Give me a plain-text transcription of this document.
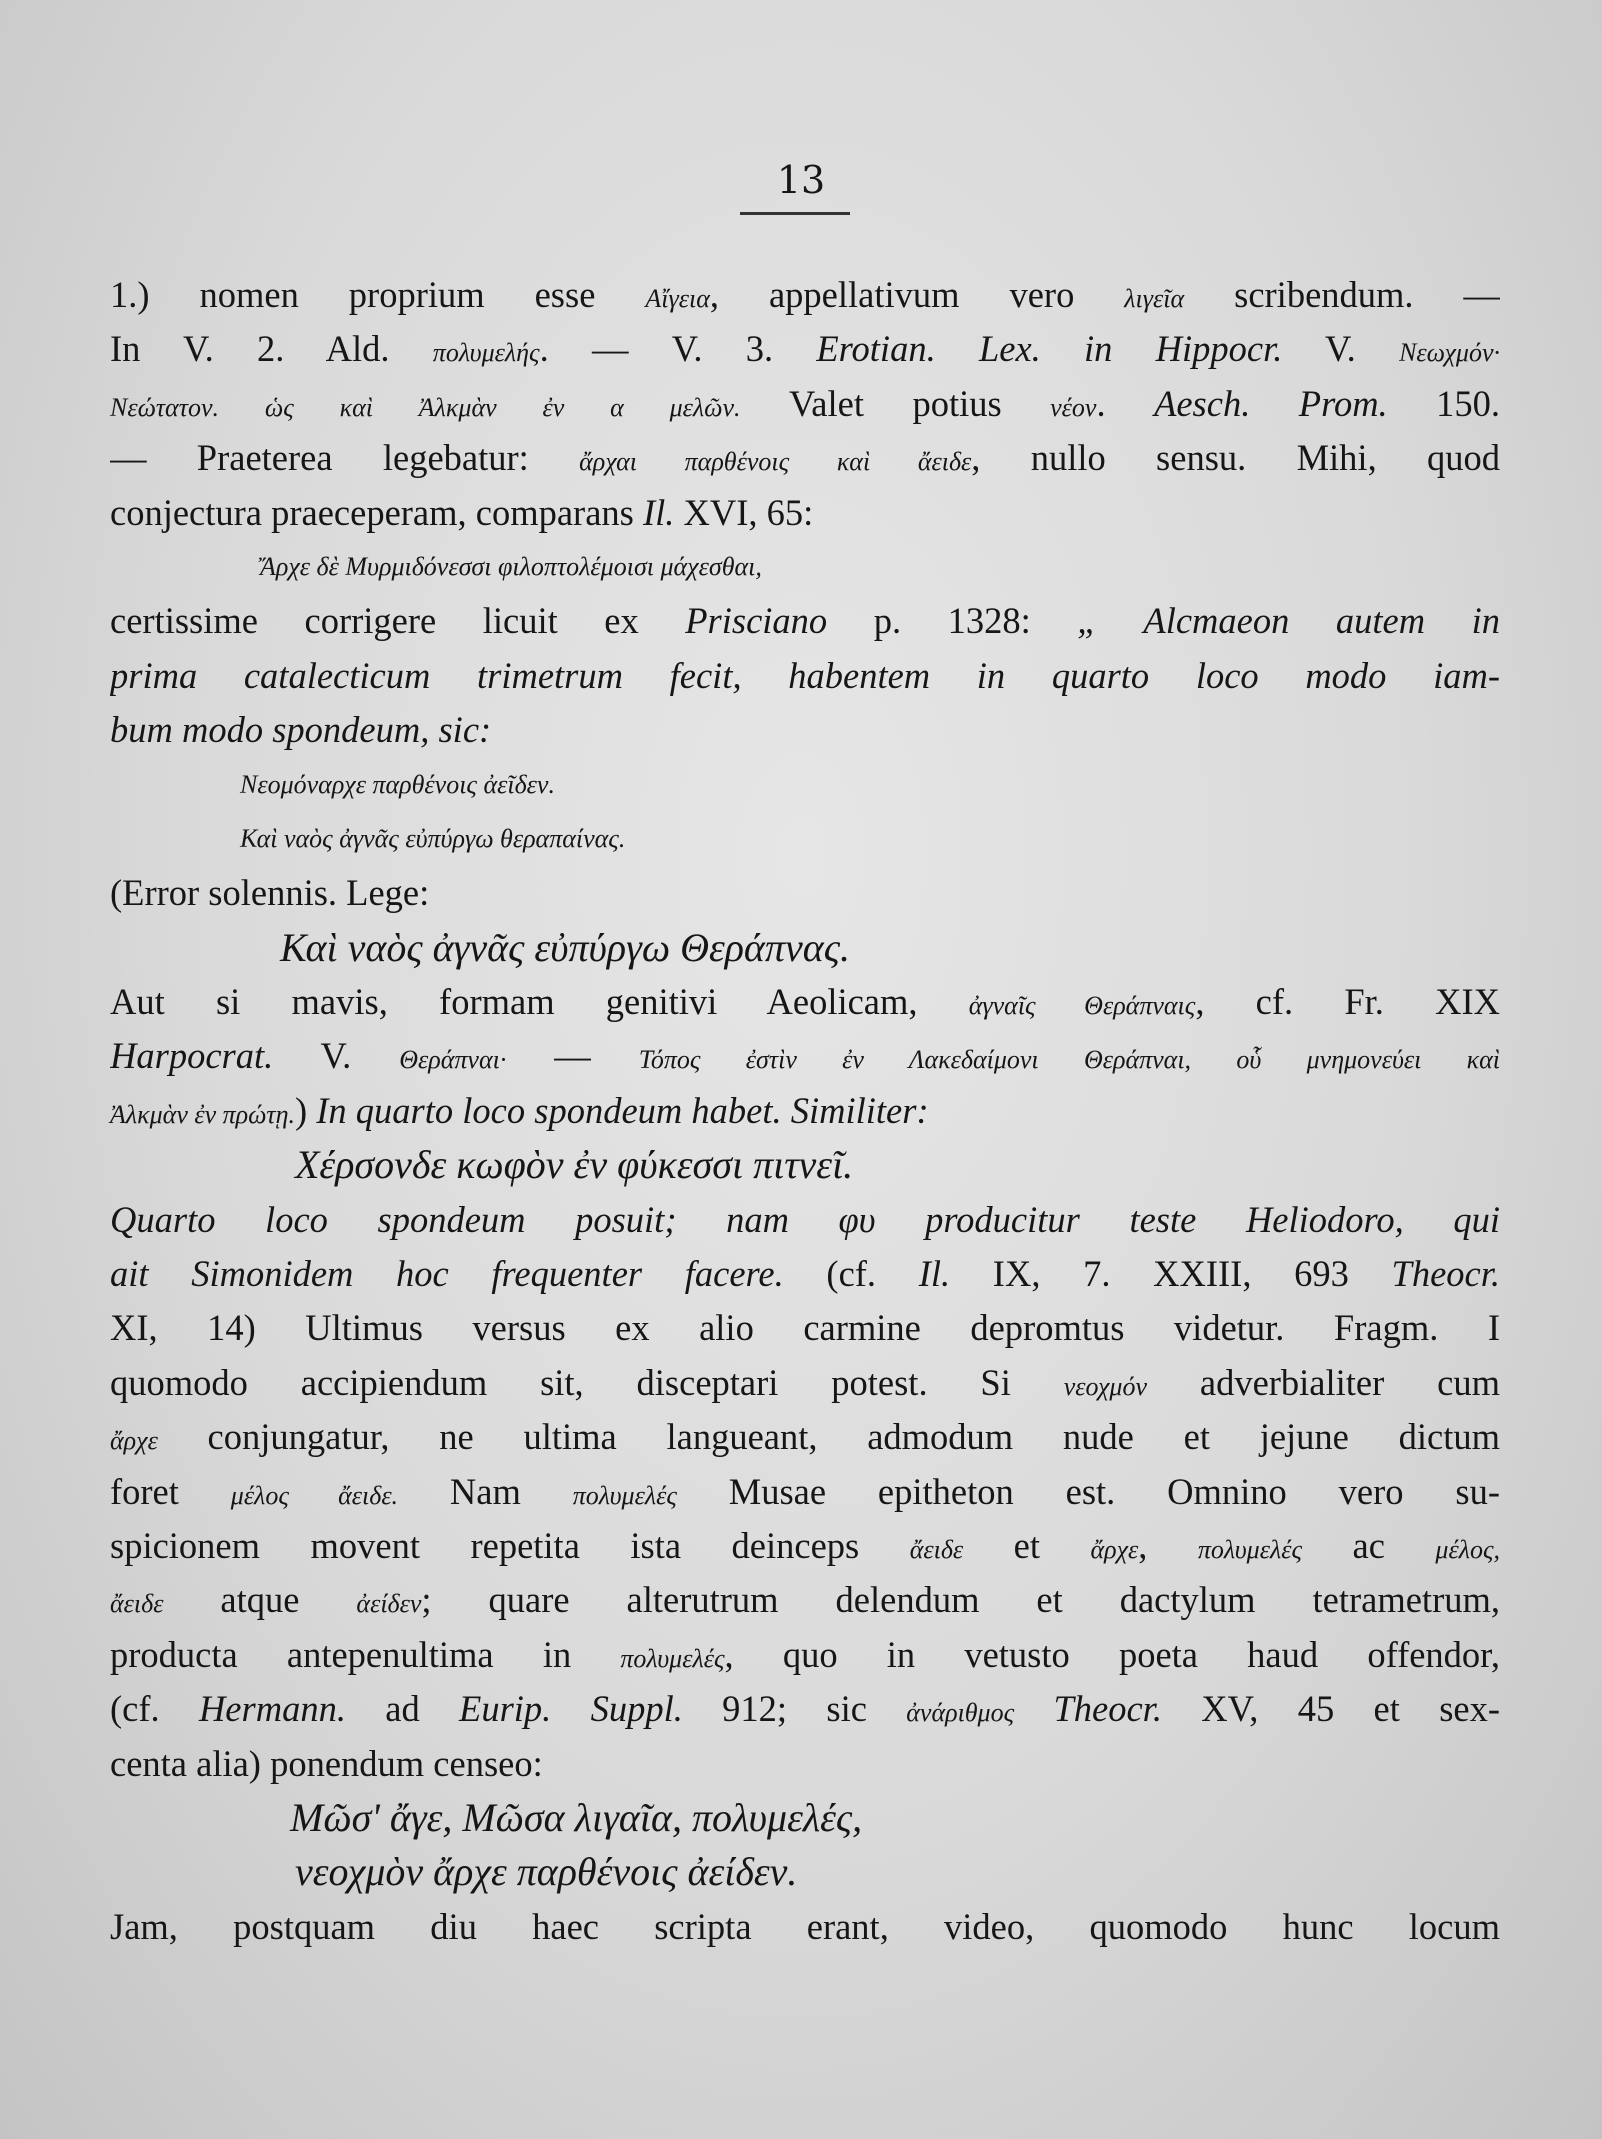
13
1.) nomen proprium esse Αἴγεια, appellativum vero λιγεῖα scribendum. —
In V. 2. Ald. πολυμελής. — V. 3. Erotian. Lex. in Hippocr. V. Νεωχμόν·
Νεώτατον. ὡς καὶ Ἀλκμὰν ἐν α μελῶν. Valet potius νέον. Aesch. Prom. 150.
— Praeterea legebatur: ἄρχαι παρθένοις καὶ ἄειδε, nullo sensu. Mihi, quod
conjectura praeceperam, comparans Il. XVI, 65:
Ἄρχε δὲ Μυρμιδόνεσσι φιλοπτολέμοισι μάχεσθαι,
certissime corrigere licuit ex Prisciano p. 1328: „ Alcmaeon autem in
prima catalecticum trimetrum fecit, habentem in quarto loco modo iam-
bum modo spondeum, sic:
Νεομόναρχε παρθένοις ἀεῖδεν.
Καὶ ναὸς ἀγνᾶς εὐπύργω θεραπαίνας.
(Error solennis. Lege:
Καὶ ναὸς ἀγνᾶς εὐπύργω Θεράπνας.
Aut si mavis, formam genitivi Aeolicam, ἀγναῖς Θεράπναις, cf. Fr. XIX
Harpocrat. V. Θεράπναι· — Τόπος ἐστὶν ἐν Λακεδαίμονι Θεράπναι, οὗ μνημονεύει καὶ
Ἀλκμὰν ἐν πρώτῃ.) In quarto loco spondeum habet. Similiter:
Χέρσονδε κωφὸν ἐν φύκεσσι πιτνεῖ.
Quarto loco spondeum posuit; nam φυ producitur teste Heliodoro, qui
ait Simonidem hoc frequenter facere. (cf. Il. IX, 7. XXIII, 693 Theocr.
XI, 14) Ultimus versus ex alio carmine depromtus videtur. Fragm. I
quomodo accipiendum sit, disceptari potest. Si νεοχμόν adverbialiter cum
ἄρχε conjungatur, ne ultima langueant, admodum nude et jejune dictum
foret μέλος ἄειδε. Nam πολυμελές Musae epitheton est. Omnino vero su-
spicionem movent repetita ista deinceps ἄειδε et ἄρχε, πολυμελές ac μέλος,
ἄειδε atque ἀείδεν; quare alterutrum delendum et dactylum tetrametrum,
producta antepenultima in πολυμελές, quo in vetusto poeta haud offendor,
(cf. Hermann. ad Eurip. Suppl. 912; sic ἀνάριθμος Theocr. XV, 45 et sex-
centa alia) ponendum censeo:
Μῶσ' ἄγε, Μῶσα λιγαῖα, πολυμελές,
νεοχμὸν ἄρχε παρθένοις ἀείδεν.
Jam, postquam diu haec scripta erant, video, quomodo hunc locum
